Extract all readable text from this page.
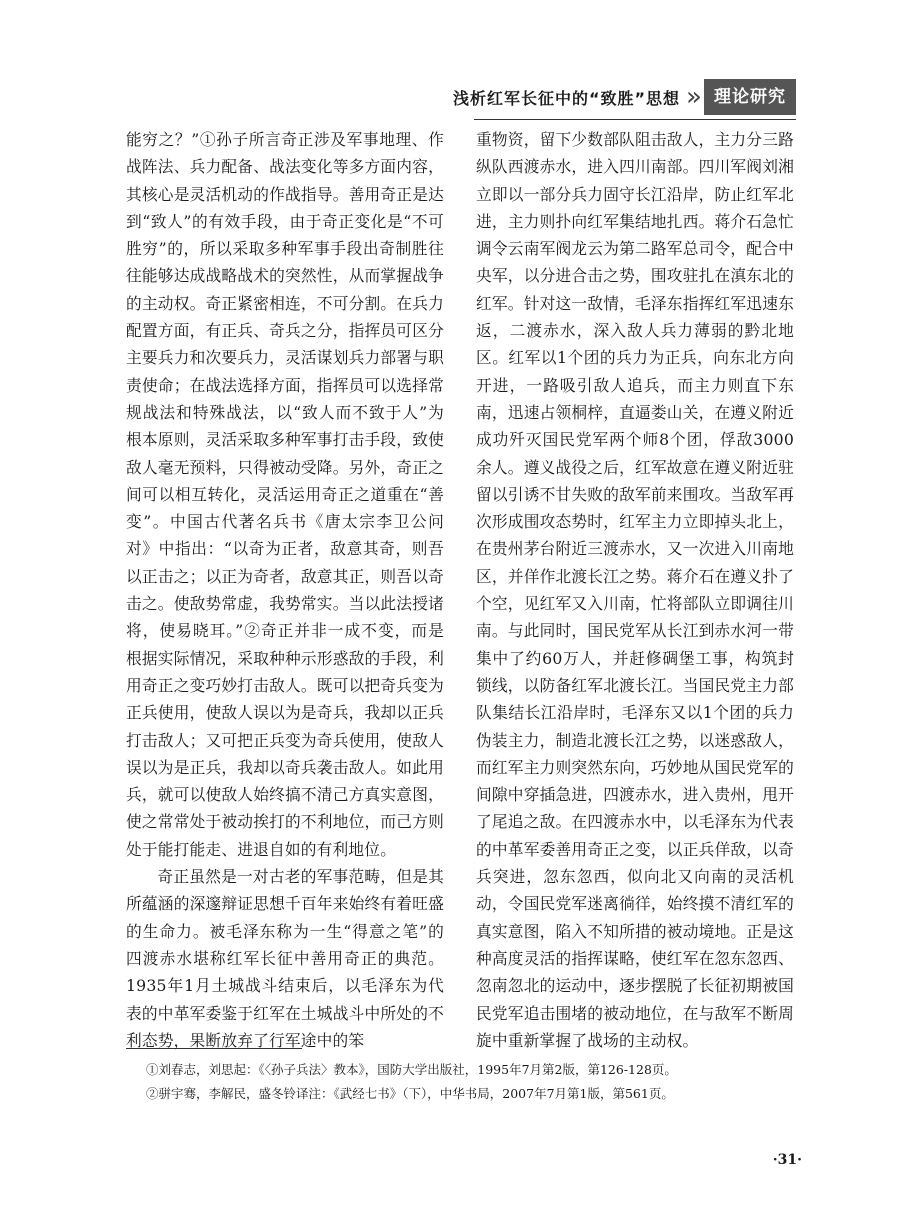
浅析红军长征中的“致胜”思想 » 理论研究

能穷之？”①孙子所言奇正涉及军事地理、作战阵法、兵力配备、战法变化等多方面内容，其核心是灵活机动的作战指导。善用奇正是达到“致人”的有效手段，由于奇正变化是“不可胜穷”的，所以采取多种军事手段出奇制胜往往能够达成战略战术的突然性，从而掌握战争的主动权。奇正紧密相连，不可分割。在兵力配置方面，有正兵、奇兵之分，指挥员可区分主要兵力和次要兵力，灵活谋划兵力部署与职责使命；在战法选择方面，指挥员可以选择常规战法和特殊战法，以“致人而不致于人”为根本原则，灵活采取多种军事打击手段，致使敌人毫无预料，只得被动受降。另外，奇正之间可以相互转化，灵活运用奇正之道重在“善变”。中国古代著名兵书《唐太宗李卫公问对》中指出：“以奇为正者，敌意其奇，则吾以正击之；以正为奇者，敌意其正，则吾以奇击之。使敌势常虚，我势常实。当以此法授诸将，使易晓耳。”②奇正并非一成不变，而是根据实际情况，采取种种示形惑敌的手段，利用奇正之变巧妙打击敌人。既可以把奇兵变为正兵使用，使敌人误以为是奇兵，我却以正兵打击敌人；又可把正兵变为奇兵使用，使敌人误以为是正兵，我却以奇兵袭击敌人。如此用兵，就可以使敌人始终搞不清己方真实意图，使之常常处于被动挨打的不利地位，而己方则处于能打能走、进退自如的有利地位。

奇正虽然是一对古老的军事范畴，但是其所蕴涵的深邃辩证思想千百年来始终有着旺盛的生命力。被毛泽东称为一生“得意之笔”的四渡赤水堪称红军长征中善用奇正的典范。1935年1月土城战斗结束后，以毛泽东为代表的中革军委鉴于红军在土城战斗中所处的不利态势，果断放弃了行军途中的笨

重物资，留下少数部队阻击敌人，主力分三路纵队西渡赤水，进入四川南部。四川军阀刘湘立即以一部分兵力固守长江沿岸，防止红军北进，主力则扑向红军集结地扎西。蒋介石急忙调令云南军阀龙云为第二路军总司令，配合中央军，以分进合击之势，围攻驻扎在滇东北的红军。针对这一敌情，毛泽东指挥红军迅速东返，二渡赤水，深入敌人兵力薄弱的黔北地区。红军以1个团的兵力为正兵，向东北方向开进，一路吸引敌人追兵，而主力则直下东南，迅速占领桐梓，直逼娄山关，在遵义附近成功歼灭国民党军两个师8个团，俘敌3000余人。遵义战役之后，红军故意在遵义附近驻留以引诱不甘失败的敌军前来围攻。当敌军再次形成围攻态势时，红军主力立即掉头北上，在贵州茅台附近三渡赤水，又一次进入川南地区，并佯作北渡长江之势。蒋介石在遵义扑了个空，见红军又入川南，忙将部队立即调往川南。与此同时，国民党军从长江到赤水河一带集中了约60万人，并赶修碉堡工事，构筑封锁线，以防备红军北渡长江。当国民党主力部队集结长江沿岸时，毛泽东又以1个团的兵力伪装主力，制造北渡长江之势，以迷惑敌人，而红军主力则突然东向，巧妙地从国民党军的间隙中穿插急进，四渡赤水，进入贵州，甩开了尾追之敌。在四渡赤水中，以毛泽东为代表的中革军委善用奇正之变，以正兵佯敌，以奇兵突进，忽东忽西，似向北又向南的灵活机动，令国民党军迷离徜徉，始终摸不清红军的真实意图，陷入不知所措的被动境地。正是这种高度灵活的指挥谋略，使红军在忽东忽西、忽南忽北的运动中，逐步摆脱了长征初期被国民党军追击围堵的被动地位，在与敌军不断周旋中重新掌握了战场的主动权。

①刘春志，刘思起：《〈孙子兵法〉教本》，国防大学出版社，1995年7月第2版，第126-128页。
②骈宇骞，李解民，盛冬铃译注：《武经七书》（下），中华书局，2007年7月第1版，第561页。
·31·
